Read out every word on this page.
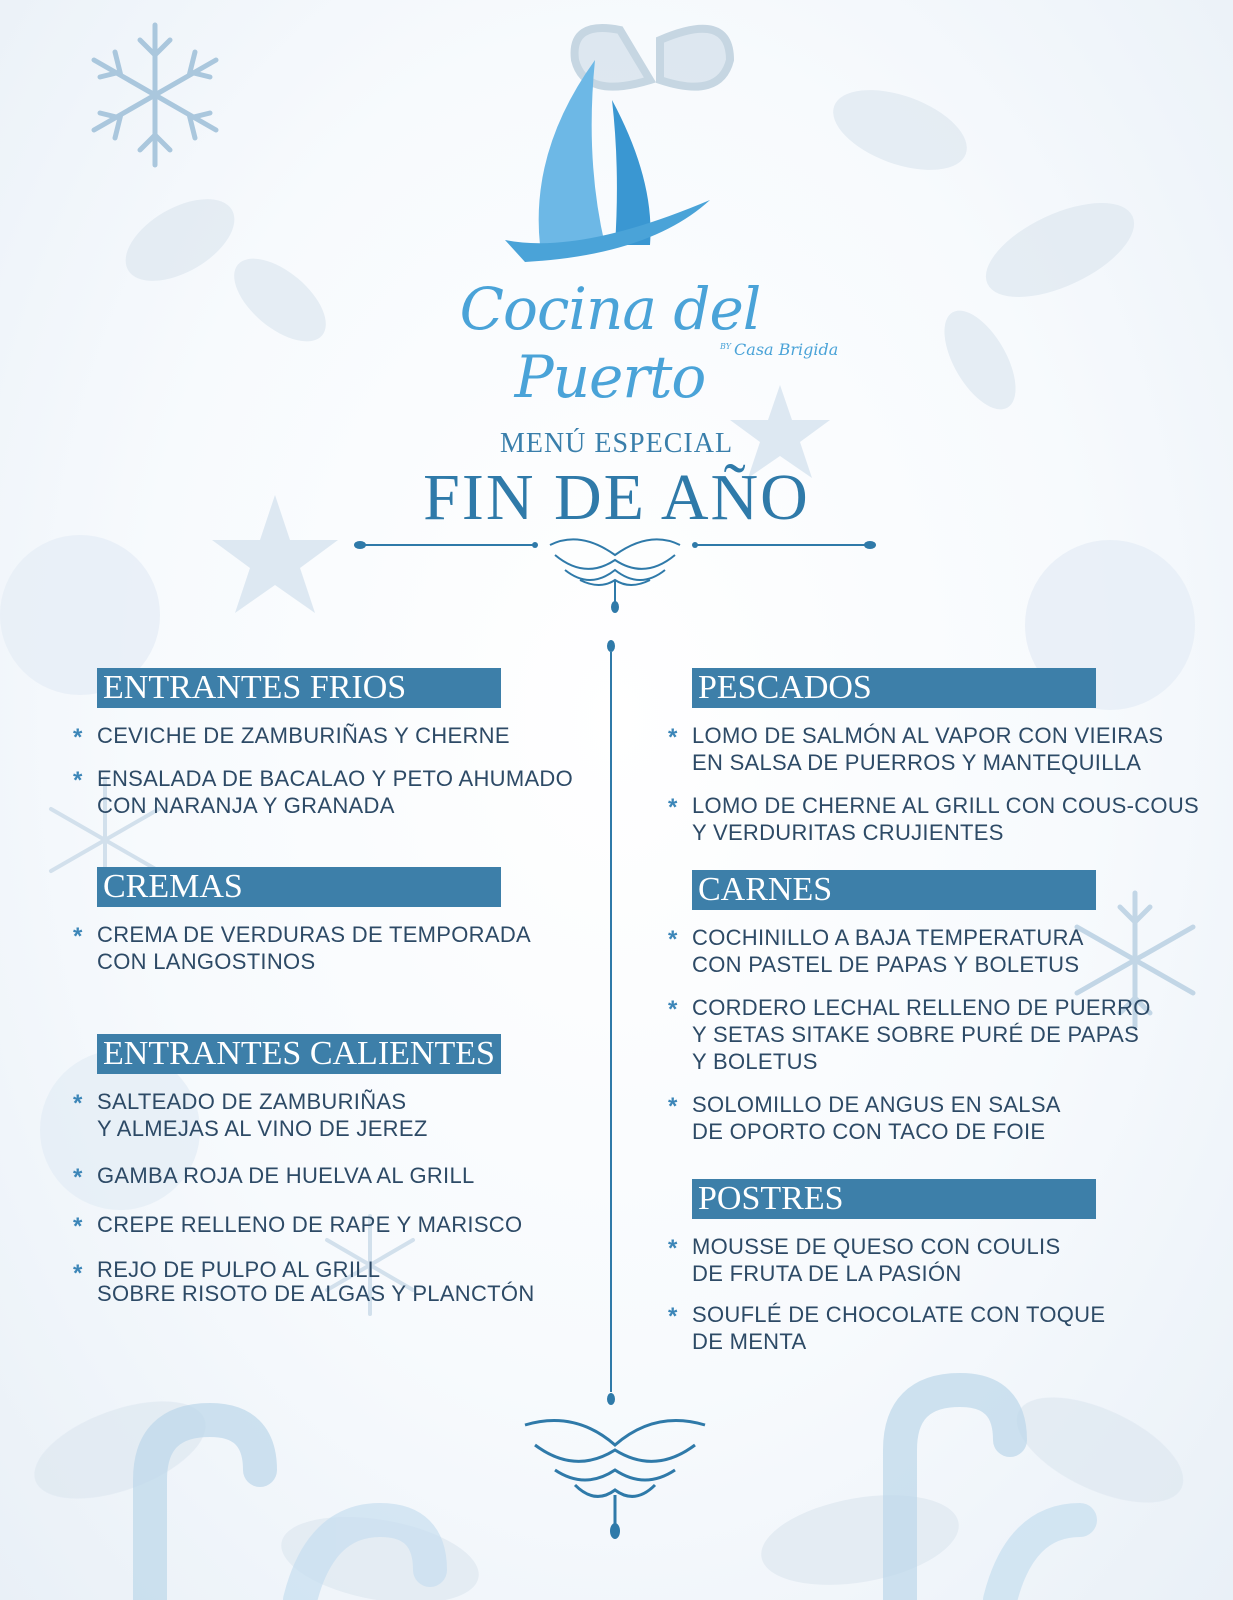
Cocina del Puerto	$^{BY}$ Casa Brigida
MENÚ ESPECIAL
FIN DE AÑO
ENTRANTES FRIOS
* CEVICHE DE ZAMBURIÑAS Y CHERNE
* ENSALADA DE BACALAO Y PETO AHUMADO
CON NARANJA Y GRANADA
CREMAS
* CREMA DE VERDURAS DE TEMPORADA
CON LANGOSTINOS
ENTRANTES CALIENTES
* SALTEADO DE ZAMBURIÑAS
Y ALMEJAS AL VINO DE JEREZ
* GAMBA ROJA DE HUELVA AL GRILL
* CREPE RELLENO DE RAPE Y MARISCO
* REJO DE PULPO AL GRILL
SOBRE RISOTO DE ALGAS Y PLANCTÓN
PESCADOS
* LOMO DE SALMÓN AL VAPOR CON VIEIRAS
EN SALSA DE PUERROS Y MANTEQUILLA
* LOMO DE CHERNE AL GRILL CON COUS-COUS
Y VERDURITAS CRUJIENTES
CARNES
* COCHINILLO A BAJA TEMPERATURA
CON PASTEL DE PAPAS Y BOLETUS
* CORDERO LECHAL RELLENO DE PUERRO
Y SETAS SITAKE SOBRE PURÉ DE PAPAS
Y BOLETUS
* SOLOMILLO DE ANGUS EN SALSA
DE OPORTO CON TACO DE FOIE
POSTRES
* MOUSSE DE QUESO CON COULIS
DE FRUTA DE LA PASIÓN
* SOUFLÉ DE CHOCOLATE CON TOQUE
DE MENTA
